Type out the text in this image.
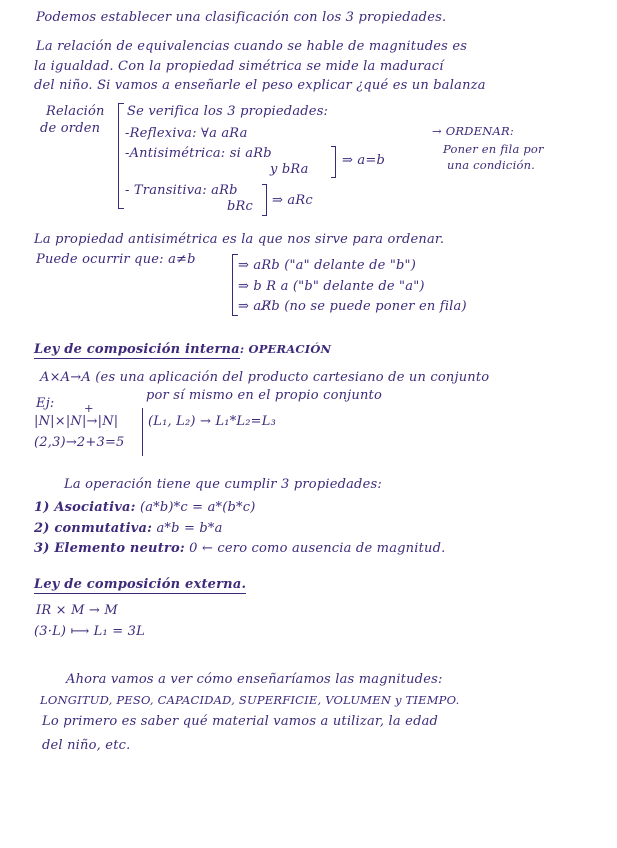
Podemos establecer una clasificación con los 3 propiedades.
La relación de equivalencias cuando se hable de magnitudes es
la igualdad. Con la propiedad simétrica se mide la madurací
del niño. Si vamos a enseñarle el peso explicar ¿qué es un balanza
Relación
de orden
Se verifica los 3 propiedades:
-Reflexiva: ∀a aRa
-Antisimétrica: si aRb
y bRa
⇒ a=b
- Transitiva: aRb
bRc ⇒ aRc
→ ORDENAR:
Poner en fila por
una condición.
La propiedad antisimétrica es la que nos sirve para ordenar.
Puede ocurrir que: a≠b	⇒ aRb ("a" delante de "b")
⇒ b R a ("b" delante de "a")
⇒ aR̸b (no se puede poner en fila)
Ley de composición interna: OPERACIÓN
A×A→A (es una aplicación del producto cartesiano de un conjunto
por sí mismo en el propio conjunto
Ej:	+
|N|×|N|→|N|
(2,3)→2+3=5
(L₁, L₂) → L₁*L₂=L₃
La operación tiene que cumplir 3 propiedades:
1) Asociativa: (a*b)*c = a*(b*c)
2) conmutativa: a*b = b*a
3) Elemento neutro: 0 ← cero como ausencia de magnitud.
Ley de composición externa.
IR × M → M
(3·L) ⟼ L₁ = 3L
Ahora vamos a ver cómo enseñaríamos las magnitudes:
LONGITUD, PESO, CAPACIDAD, SUPERFICIE, VOLUMEN y TIEMPO.
Lo primero es saber qué material vamos a utilizar, la edad
del niño, etc.
